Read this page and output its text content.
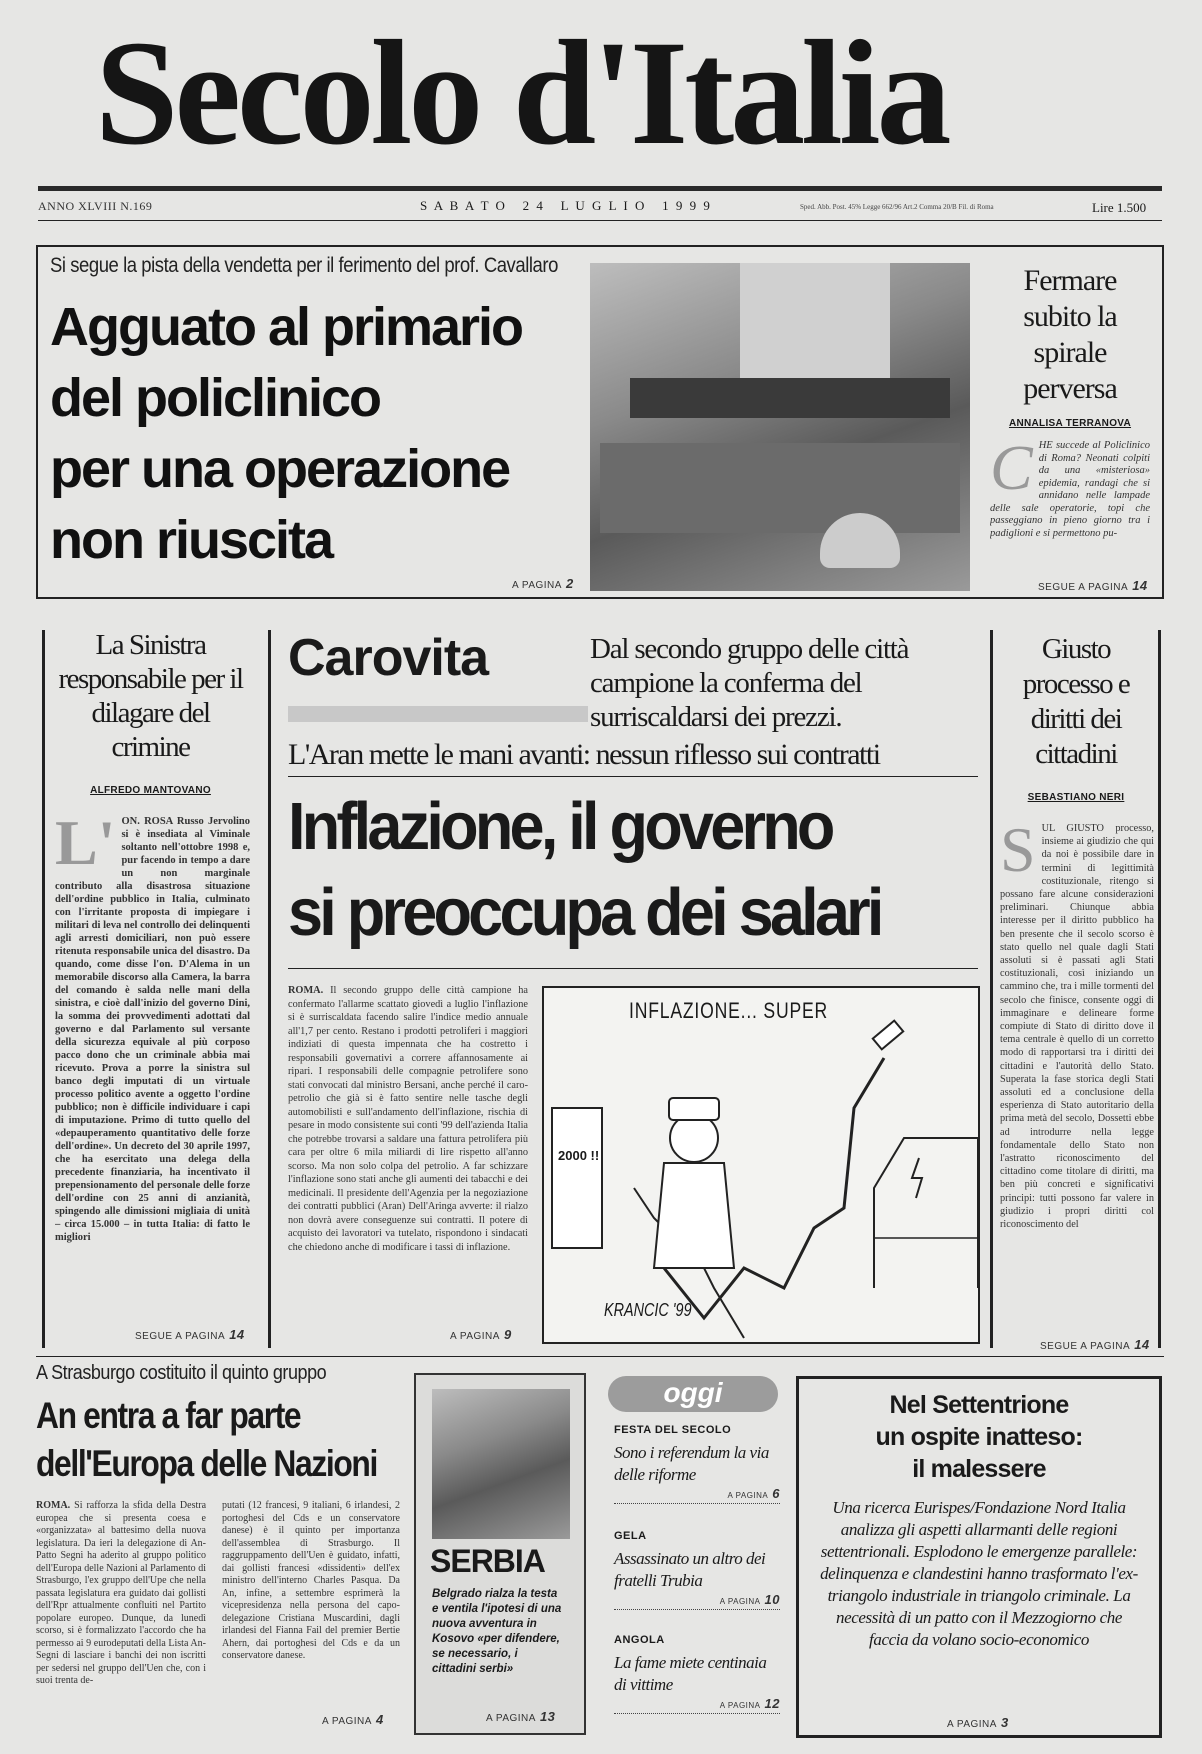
Secolo d'Italia
ANNO XLVIII N.169	S A B A T O   2 4   L U G L I O   1 9 9 9	Sped. Abb. Post. 45% Legge 662/96 Art.2 Comma 20/B Fil. di Roma	Lire 1.500
Si segue la pista della vendetta per il ferimento del prof. Cavallaro
Agguato al primario
del policlinico
per una operazione
non riuscita
A PAGINA 2
Fermare subito la spirale perversa
ANNALISA TERRANOVA
CHE succede al Policlinico di Roma? Neonati colpiti da una «misteriosa» epidemia, randagi che si annidano nelle lampade delle sale operatorie, topi che passeggiano in pieno giorno tra i padiglioni e si permettono pu-
SEGUE A PAGINA 14
La Sinistra responsabile per il dilagare del crimine
ALFREDO MANTOVANO
L' ON. ROSA Russo Jervolino si è insediata al Viminale soltanto nell'ottobre 1998 e, pur facendo in tempo a dare un non marginale contributo alla disastrosa situazione dell'ordine pubblico in Italia, culminato con l'irritante proposta di impiegare i militari di leva nel controllo dei delinquenti agli arresti domiciliari, non può essere ritenuta responsabile unica del disastro. Da quando, come disse l'on. D'Alema in un memorabile discorso alla Camera, la barra del comando è salda nelle mani della sinistra, e cioè dall'inizio del governo Dini, la somma dei provvedimenti adottati dal governo e dal Parlamento sul versante della sicurezza equivale al più corposo pacco dono che un criminale abbia mai ricevuto. Prova a porre la sinistra sul banco degli imputati di un virtuale processo politico avente a oggetto l'ordine pubblico; non è difficile individuare i capi di imputazione. Primo di tutto quello del «depauperamento quantitativo delle forze dell'ordine». Un decreto del 30 aprile 1997, che ha esercitato una delega della precedente finanziaria, ha incentivato il prepensionamento del personale delle forze dell'ordine con 25 anni di anzianità, spingendo alle dimissioni migliaia di unità – circa 15.000 – in tutta Italia: di fatto le migliori
SEGUE A PAGINA 14
Carovita	Dal secondo gruppo delle città campione la conferma del surriscaldarsi dei prezzi.
L'Aran mette le mani avanti: nessun riflesso sui contratti
Inflazione, il governo
si preoccupa dei salari
ROMA. Il secondo gruppo delle città campione ha confermato l'allarme scattato giovedì a luglio l'inflazione si è surriscaldata facendo salire l'indice medio annuale all'1,7 per cento. Restano i prodotti petroliferi i maggiori indiziati di questa impennata che ha costretto i responsabili governativi a correre affannosamente ai ripari. I responsabili delle compagnie petrolifere sono stati convocati dal ministro Bersani, anche perché il caro-petrolio che già si è fatto sentire nelle tasche degli automobilisti e sull'andamento dell'inflazione, rischia di pesare in modo consistente sui conti '99 dell'azienda Italia che potrebbe trovarsi a saldare una fattura petrolifera più cara per oltre 6 mila miliardi di lire rispetto all'anno scorso. Ma non solo colpa del petrolio. A far schizzare l'inflazione sono stati anche gli aumenti dei tabacchi e dei medicinali. Il presidente dell'Agenzia per la negoziazione dei contratti pubblici (Aran) Dell'Aringa avverte: il rialzo non dovrà avere conseguenze sui contratti. Il potere di acquisto dei lavoratori va tutelato, rispondono i sindacati che chiedono anche di modificare i tassi di inflazione.
A PAGINA 9
INFLAZIONE... SUPER
2000 !!
KRANCIC '99
Giusto processo e diritti dei cittadini
SEBASTIANO NERI
SUL GIUSTO processo, insieme ai giudizio che qui da noi è possibile dare in termini di legittimità costituzionale, ritengo si possano fare alcune considerazioni preliminari. Chiunque abbia interesse per il diritto pubblico ha ben presente che il secolo scorso è stato quello nel quale dagli Stati assoluti si è passati agli Stati costituzionali, così iniziando un cammino che, tra i mille tormenti del secolo che finisce, consente oggi di immaginare e delineare forme compiute di Stato di diritto dove il tema centrale è quello di un corretto modo di rapportarsi tra i diritti dei cittadini e l'autorità dello Stato. Superata la fase storica degli Stati assoluti ed a conclusione della esperienza di Stato autoritario della prima metà del secolo, Dossetti ebbe ad introdurre nella legge fondamentale dello Stato non l'astratto riconoscimento del cittadino come titolare di diritti, ma ben più concreti e significativi principi: tutti possono far valere in giudizio i propri diritti col riconoscimento del
SEGUE A PAGINA 14
A Strasburgo costituito il quinto gruppo
An entra a far parte
dell'Europa delle Nazioni
ROMA. Si rafforza la sfida della Destra europea che si presenta coesa e «organizzata» al battesimo della nuova legislatura. Da ieri la delegazione di An-Patto Segni ha aderito al gruppo politico dell'Europa delle Nazioni al Parlamento di Strasburgo, l'ex gruppo dell'Upe che nella passata legislatura era guidato dai gollisti dell'Rpr attualmente confluiti nel Partito popolare europeo. Dunque, da lunedì scorso, si è formalizzato l'accordo che ha permesso ai 9 eurodeputati della Lista An-Segni di lasciare i banchi dei non iscritti per sedersi nel gruppo dell'Uen che, con i suoi trenta de-
putati (12 francesi, 9 italiani, 6 irlandesi, 2 portoghesi del Cds e un conservatore danese) è il quinto per importanza dell'assemblea di Strasburgo. Il raggruppamento dell'Uen è guidato, infatti, dai gollisti francesi «dissidenti» dell'ex ministro dell'interno Charles Pasqua. Da An, infine, a settembre esprimerà la vicepresidenza nella persona del capo-delegazione Cristiana Muscardini, dagli irlandesi del Fianna Fail del premier Bertie Ahern, dai portoghesi del Cds e da un conservatore danese.
A PAGINA 4
SERBIA
Belgrado rialza la testa e ventila l'ipotesi di una nuova avventura in Kosovo «per difendere, se necessario, i cittadini serbi»
A PAGINA 13
oggi
FESTA DEL SECOLO
Sono i referendum la via delle riforme
A PAGINA 6
GELA
Assassinato un altro dei fratelli Trubia
A PAGINA 10
ANGOLA
La fame miete centinaia di vittime
A PAGINA 12
Nel Settentrione
un ospite inatteso:
il malessere
Una ricerca Eurispes/Fondazione Nord Italia analizza gli aspetti allarmanti delle regioni settentrionali. Esplodono le emergenze parallele: delinquenza e clandestini hanno trasformato l'ex-triangolo industriale in triangolo criminale. La necessità di un patto con il Mezzogiorno che faccia da volano socio-economico
A PAGINA 3
